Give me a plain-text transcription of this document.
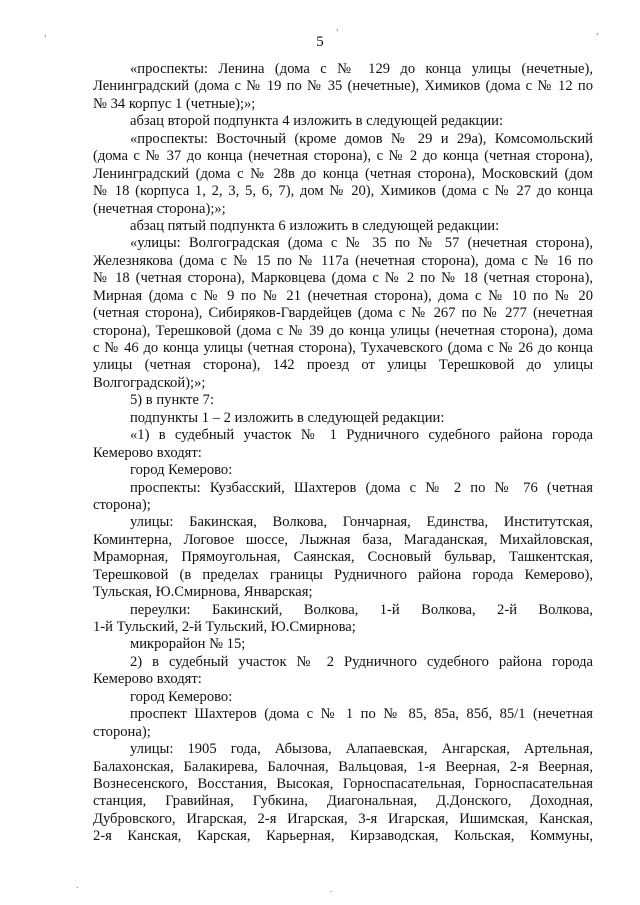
,
,	,
.	.
5
«проспекты: Ленина (дома с № 129 до конца улицы (нечетные),
Ленинградский (дома с № 19 по № 35 (нечетные), Химиков (дома с № 12 по
№ 34 корпус 1 (четные);»;
абзац второй подпункта 4 изложить в следующей редакции:
«проспекты: Восточный (кроме домов № 29 и 29а), Комсомольский
(дома с № 37 до конца (нечетная сторона), с № 2 до конца (четная сторона),
Ленинградский (дома с № 28в до конца (четная сторона), Московский (дом
№ 18 (корпуса 1, 2, 3, 5, 6, 7), дом № 20), Химиков (дома с № 27 до конца
(нечетная сторона);»;
абзац пятый подпункта 6 изложить в следующей редакции:
«улицы: Волгоградская (дома с № 35 по № 57 (нечетная сторона),
Железнякова (дома с № 15 по № 117а (нечетная сторона), дома с № 16 по
№ 18 (четная сторона), Марковцева (дома с № 2 по № 18 (четная сторона),
Мирная (дома с № 9 по № 21 (нечетная сторона), дома с № 10 по № 20
(четная сторона), Сибиряков-Гвардейцев (дома с № 267 по № 277 (нечетная
сторона), Терешковой (дома с № 39 до конца улицы (нечетная сторона), дома
с № 46 до конца улицы (четная сторона), Тухачевского (дома с № 26 до конца
улицы (четная сторона), 142 проезд от улицы Терешковой до улицы
Волгоградской);»;
5) в пункте 7:
подпункты 1 – 2 изложить в следующей редакции:
«1) в судебный участок № 1 Рудничного судебного района города
Кемерово входят:
город Кемерово:
проспекты: Кузбасский, Шахтеров (дома с № 2 по № 76 (четная
сторона);
улицы: Бакинская, Волкова, Гончарная, Единства, Институтская,
Коминтерна, Логовое шоссе, Лыжная база, Магаданская, Михайловская,
Мраморная, Прямоугольная, Саянская, Сосновый бульвар, Ташкентская,
Терешковой (в пределах границы Рудничного района города Кемерово),
Тульская, Ю.Смирнова, Январская;
переулки: Бакинский, Волкова, 1-й Волкова, 2-й Волкова,
1-й Тульский, 2-й Тульский, Ю.Смирнова;
микрорайон № 15;
2) в судебный участок № 2 Рудничного судебного района города
Кемерово входят:
город Кемерово:
проспект Шахтеров (дома с № 1 по № 85, 85а, 85б, 85/1 (нечетная
сторона);
улицы: 1905 года, Абызова, Алапаевская, Ангарская, Артельная,
Балахонская, Балакирева, Балочная, Вальцовая, 1-я Веерная, 2-я Веерная,
Вознесенского, Восстания, Высокая, Горноспасательная, Горноспасательная
станция, Гравийная, Губкина, Диагональная, Д.Донского, Доходная,
Дубровского, Игарская, 2-я Игарская, 3-я Игарская, Ишимская, Канская,
2-я Канская, Карская, Карьерная, Кирзаводская, Кольская, Коммуны,
